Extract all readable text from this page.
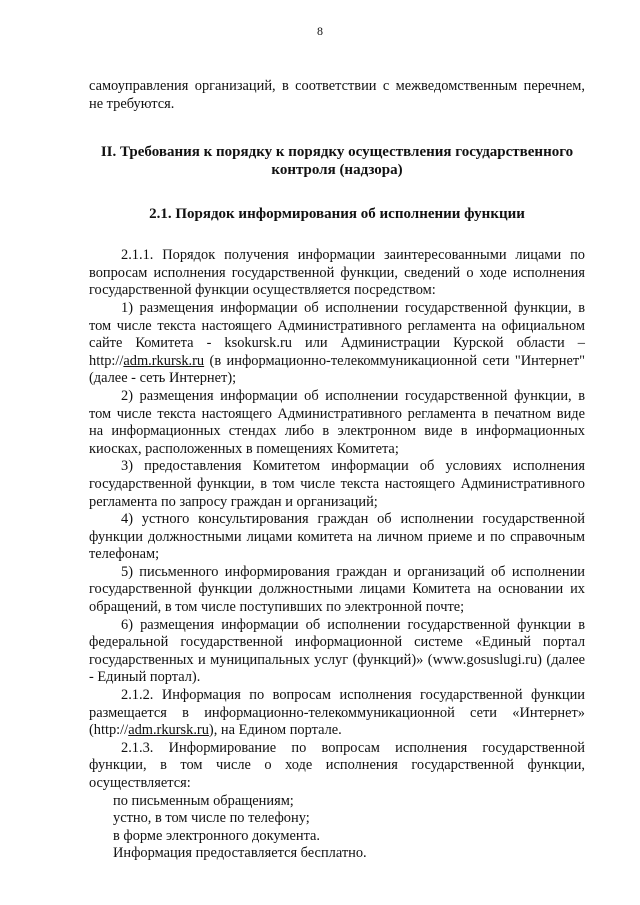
8

самоуправления организаций, в соответствии с межведомственным перечнем, не требуются.

II. Требования к порядку к порядку осуществления государственного контроля (надзора)

2.1. Порядок информирования об исполнении функции

2.1.1. Порядок получения информации заинтересованными лицами по вопросам исполнения государственной функции, сведений о ходе исполнения государственной функции осуществляется посредством:

1) размещения информации об исполнении государственной функции, в том числе текста настоящего Административного регламента на официальном сайте Комитета - ksokursk.ru или Администрации Курской области – http://adm.rkursk.ru (в информационно-телекоммуникационной сети "Интернет" (далее - сеть Интернет);

2) размещения информации об исполнении государственной функции, в том числе текста настоящего Административного регламента в печатном виде на информационных стендах либо в электронном виде в информационных киосках, расположенных в помещениях Комитета;

3) предоставления Комитетом информации об условиях исполнения государственной функции, в том числе текста настоящего Административного регламента по запросу граждан и организаций;

4) устного консультирования граждан об исполнении государственной функции должностными лицами комитета на личном приеме и по справочным телефонам;

5) письменного информирования граждан и организаций об исполнении государственной функции должностными лицами Комитета на основании их обращений, в том числе поступивших по электронной почте;

6) размещения информации об исполнении государственной функции в федеральной государственной информационной системе «Единый портал государственных и муниципальных услуг (функций)» (www.gosuslugi.ru) (далее - Единый портал).

2.1.2. Информация по вопросам исполнения государственной функции размещается в информационно-телекоммуникационной сети «Интернет» (http://adm.rkursk.ru), на Едином портале.

2.1.3. Информирование по вопросам исполнения государственной функции, в том числе о ходе исполнения государственной функции, осуществляется:

по письменным обращениям;

устно, в том числе по телефону;

в форме электронного документа.

Информация предоставляется бесплатно.
